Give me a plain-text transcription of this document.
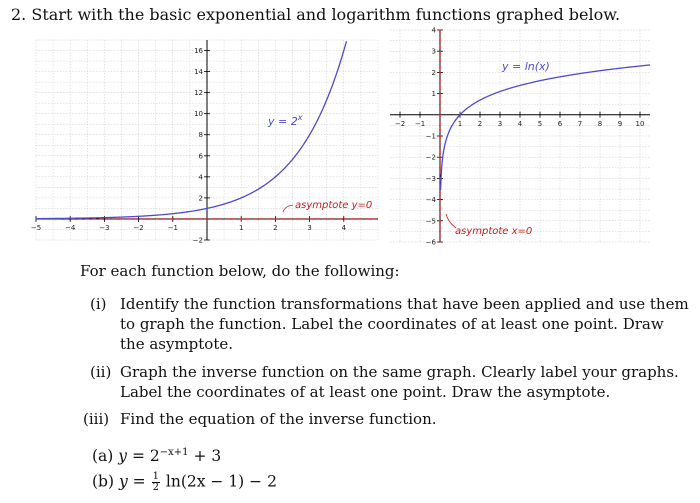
2. Start with the basic exponential and logarithm functions graphed below.
−5	−4	−3	−2	−1	1	2	3	4
−2
2
4
6
8
10
12
14
16
$y = 2^x$
asymptote y=0
−2 −1	1 2 3 4 5 6 7 8 9 10
−6
−5
−4
−3
−2
−1
1
2
3
4
y = ln(x)
asymptote x=0
For each function below, do the following:
(i) Identify the function transformations that have been applied and use them to graph the function. Label the coordinates of at least one point. Draw the asymptote.
(ii) Graph the inverse function on the same graph. Clearly label your graphs. Label the coordinates of at least one point. Draw the asymptote.
(iii) Find the equation of the inverse function.
(a) $y = 2^{-x+1} + 3$
(b) $y = \frac{1}{2} \ln(2x - 1) - 2$
